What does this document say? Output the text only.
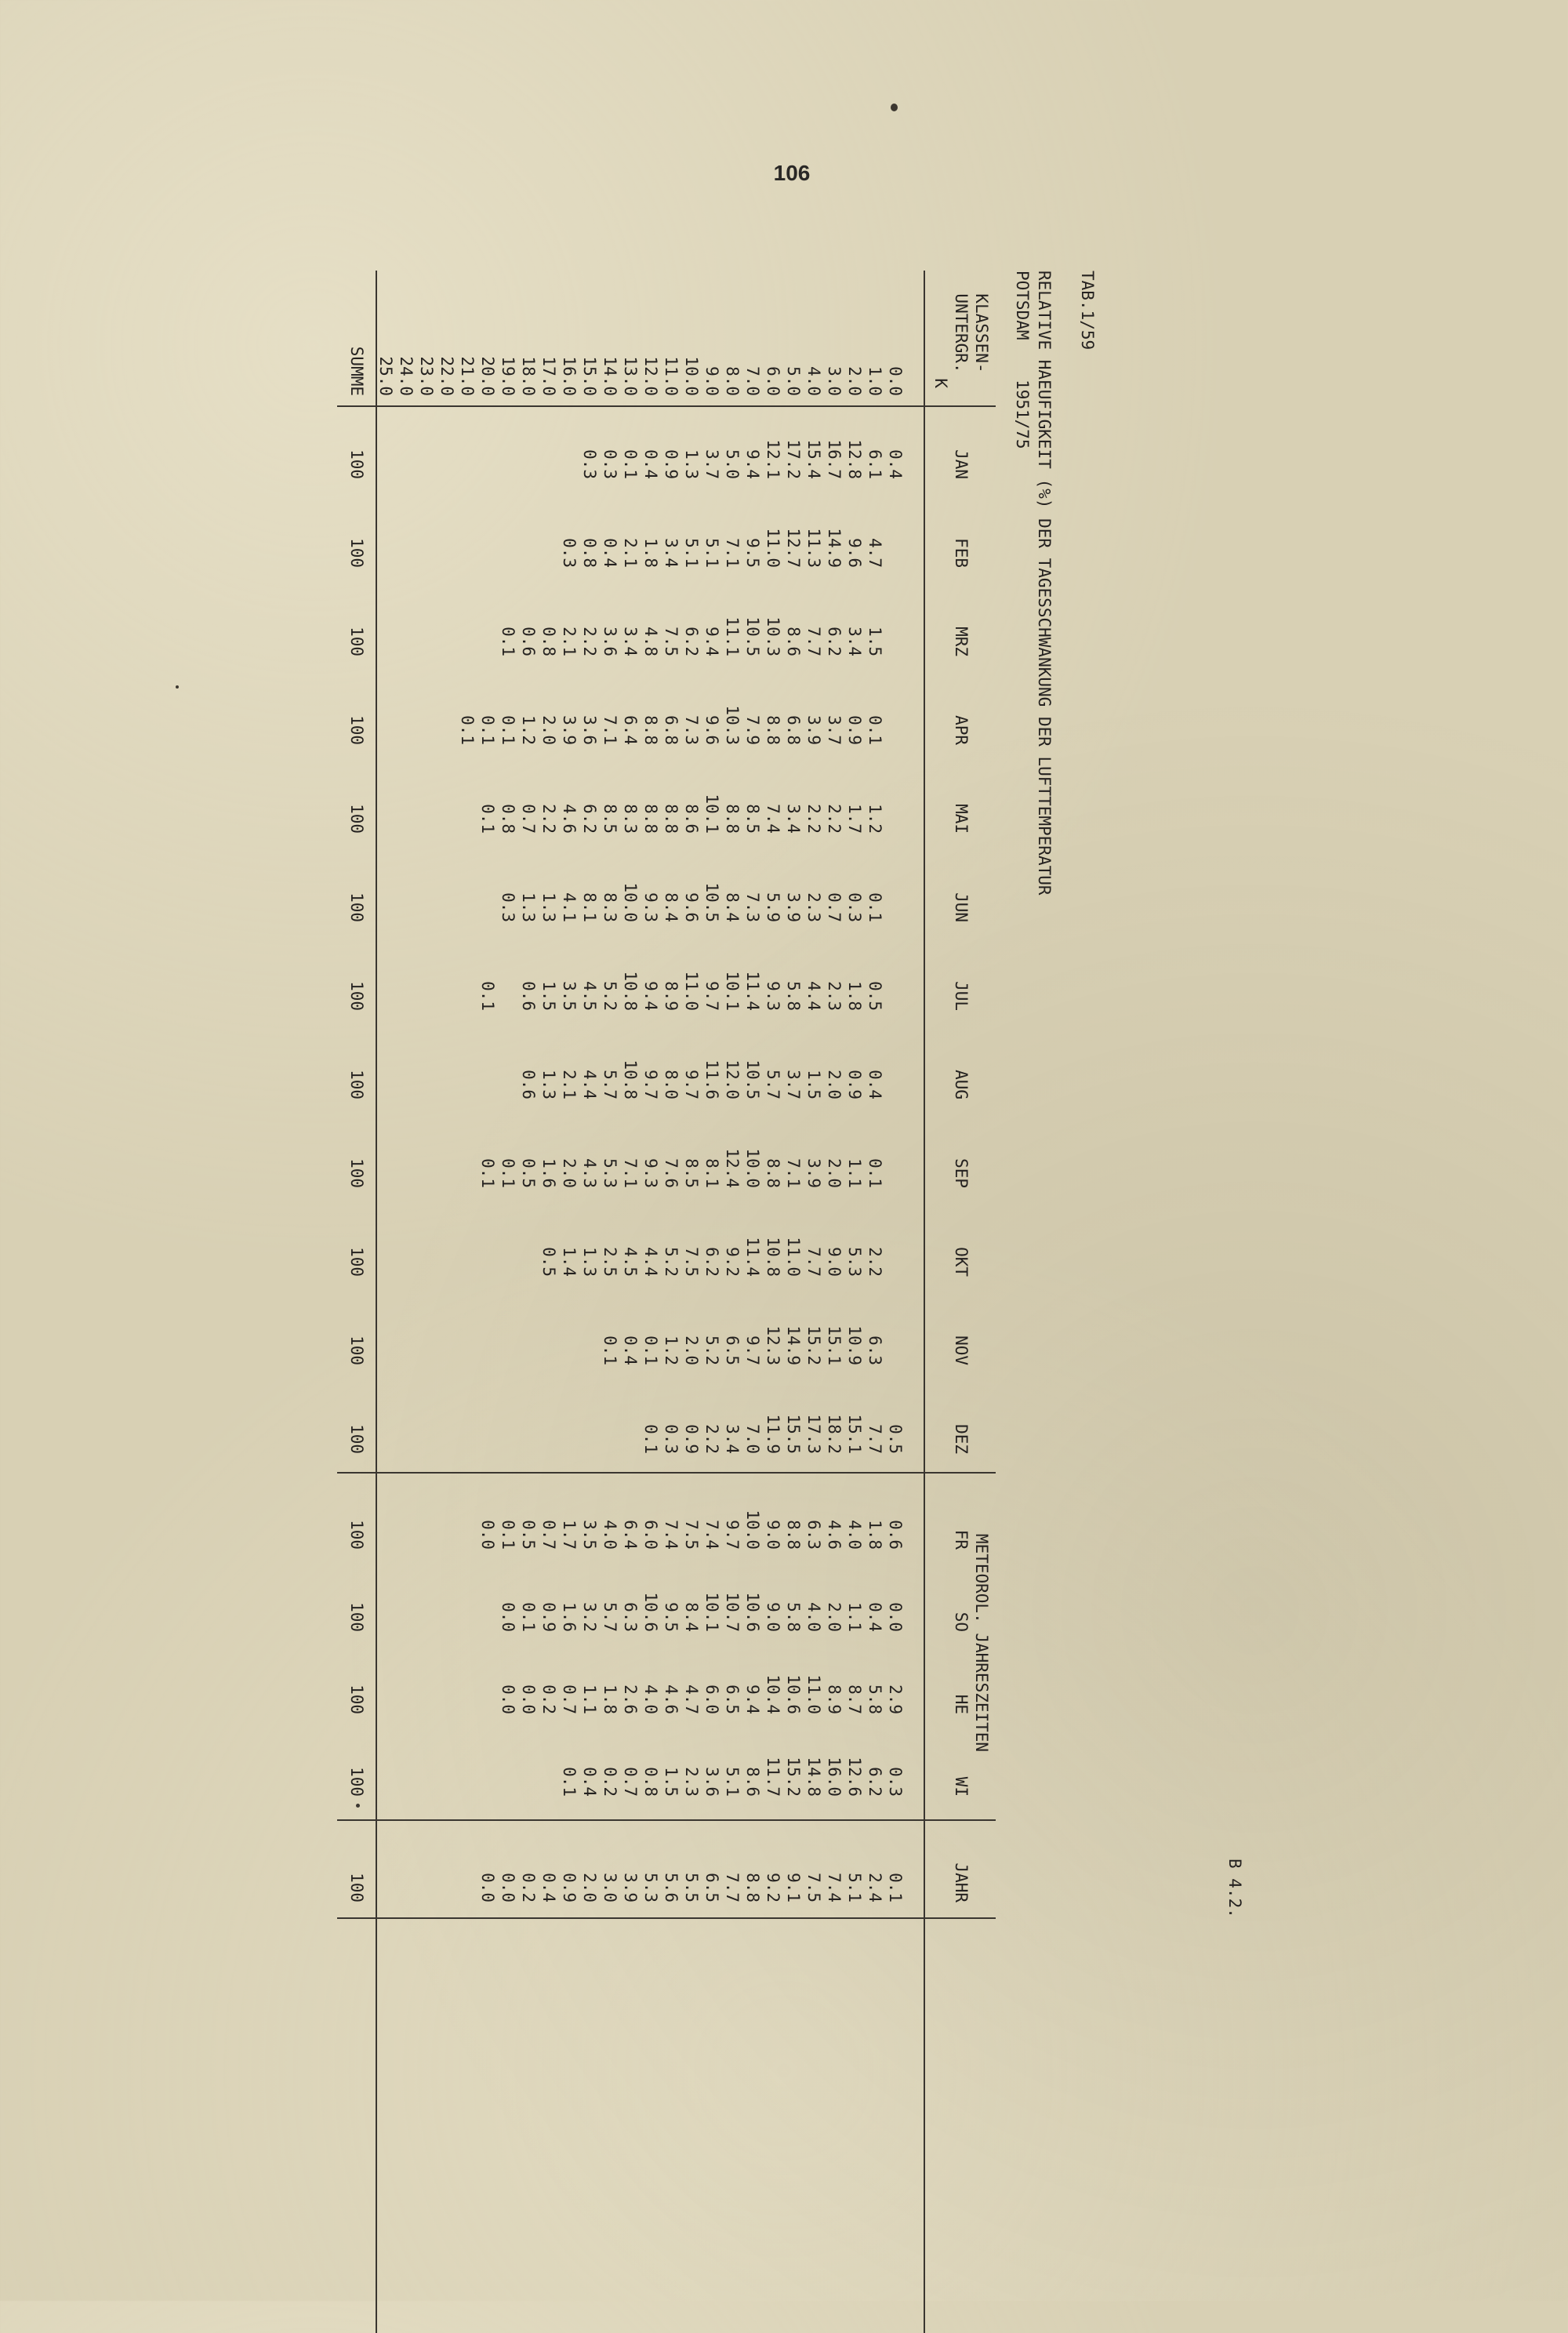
106
B 4.2.
TAB.1/59
RELATIVE HAEUFIGKEIT (%) DER TAGESSCHWANKUNG DER LUFTTEMPERATUR
POTSDAM    1951/75
KLASSEN-
UNTERGR.
K
METEOROL. JAHRESZEITEN
JAN
FEB
MRZ
APR
MAI
JUN
JUL
AUG
SEP
OKT
NOV
DEZ
FR
SO
HE
WI
JAHR
0.0
0.4
0.5
0.6
0.0
2.9
0.3
0.1
1.0
6.1
4.7
1.5
0.1
1.2
0.1
0.5
0.4
0.1
2.2
6.3
7.7
1.8
0.4
5.8
6.2
2.4
2.0
12.8
9.6
3.4
0.9
1.7
0.3
1.8
0.9
1.1
5.3
10.9
15.1
4.0
1.1
8.7
12.6
5.1
3.0
16.7
14.9
6.2
3.7
2.2
0.7
2.3
2.0
2.0
9.0
15.1
18.2
4.6
2.0
8.9
16.0
7.4
4.0
15.4
11.3
7.7
3.9
2.2
2.3
4.4
1.5
3.9
7.7
15.2
17.3
6.3
4.0
11.0
14.8
7.5
5.0
17.2
12.7
8.6
6.8
3.4
3.9
5.8
3.7
7.1
11.0
14.9
15.5
8.8
5.8
10.6
15.2
9.1
6.0
12.1
11.0
10.3
8.8
7.4
5.9
9.3
5.7
8.8
10.8
12.3
11.9
9.0
9.0
10.4
11.7
9.2
7.0
9.4
9.5
10.5
7.9
8.5
7.3
11.4
10.5
10.0
11.4
9.7
7.0
10.0
10.6
9.4
8.6
8.8
8.0
5.0
7.1
11.1
10.3
8.8
8.4
10.1
12.0
12.4
9.2
6.5
3.4
9.7
10.7
6.5
5.1
7.7
9.0
3.7
5.1
9.4
9.6
10.1
10.5
9.7
11.6
8.1
6.2
5.2
2.2
7.4
10.1
6.0
3.6
6.5
10.0
1.3
5.1
6.2
7.3
8.6
9.6
11.0
9.7
8.5
7.5
2.0
0.9
7.5
8.4
4.7
2.3
5.5
11.0
0.9
3.4
7.5
6.8
8.8
8.4
8.9
8.0
7.6
5.2
1.2
0.3
7.4
9.5
4.6
1.5
5.6
12.0
0.4
1.8
4.8
8.8
8.8
9.3
9.4
9.7
9.3
4.4
0.1
0.1
6.0
10.6
4.0
0.8
5.3
13.0
0.1
2.1
3.4
6.4
8.3
10.0
10.8
10.8
7.1
4.5
0.4
6.4
6.3
2.6
0.7
3.9
14.0
0.3
0.4
3.6
7.1
8.5
8.3
5.2
5.7
5.3
2.5
0.1
4.0
5.7
1.8
0.2
3.0
15.0
0.3
0.8
2.2
3.6
6.2
8.1
4.5
4.4
4.3
1.3
3.5
3.2
1.1
0.4
2.0
16.0
0.3
2.1
3.9
4.6
4.1
3.5
2.1
2.0
1.4
1.7
1.6
0.7
0.1
0.9
17.0
0.8
2.0
2.2
1.3
1.5
1.3
1.6
0.5
0.7
0.9
0.2
0.4
18.0
0.6
1.2
0.7
1.3
0.6
0.6
0.5
0.5
0.1
0.0
0.2
19.0
0.1
0.1
0.8
0.3
0.1
0.1
0.0
0.0
0.0
20.0
0.1
0.1
0.1
0.1
0.0
0.0
21.0
0.1
22.0
23.0
24.0
25.0
SUMME
100
100
100
100
100
100
100
100
100
100
100
100
100
100
100
100
100
